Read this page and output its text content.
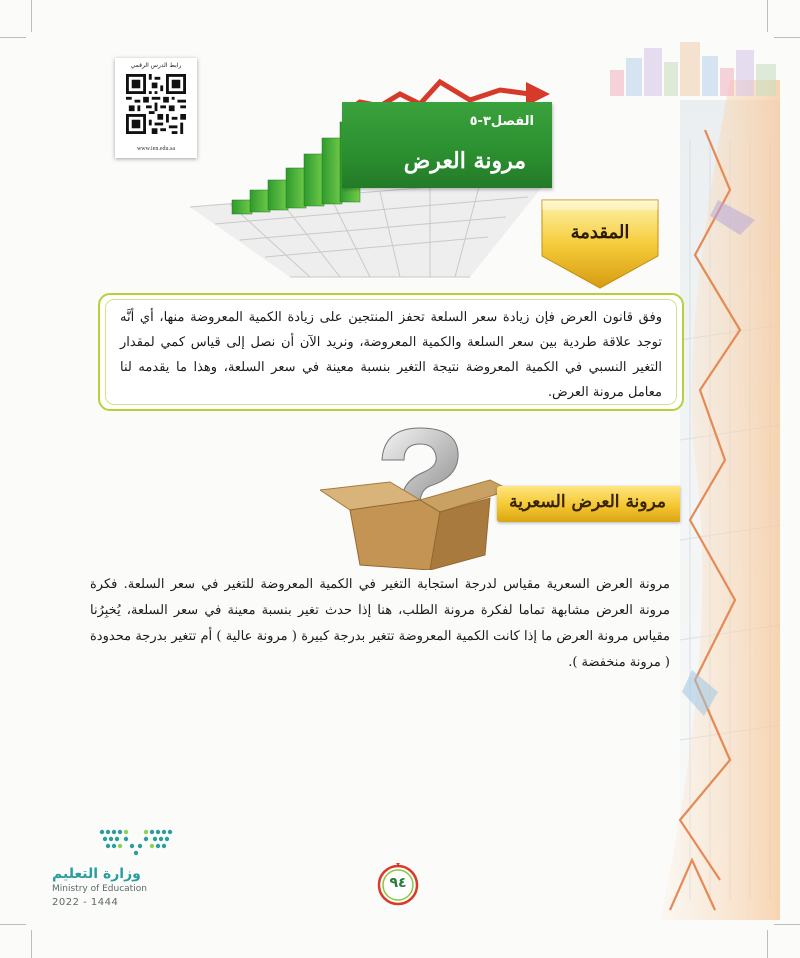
رابط الدرس الرقمي
www.ien.edu.sa
الفصل٣-٥
مرونة العرض
المقدمة
وفق قانون العرض فإن زيادة سعر السلعة تحفز المنتجين على زيادة الكمية المعروضة منها، أي أنَّه توجد علاقة طردية بين سعر السلعة والكمية المعروضة، ونريد الآن أن نصل إلى قياس كمي لمقدار التغير النسبي في الكمية المعروضة نتيجة التغير بنسبة معينة في سعر السلعة، وهذا ما يقدمه لنا معامل مرونة العرض.
مرونة العرض السعرية
مرونة العرض السعرية مقياس لدرجة استجابة التغير في الكمية المعروضة للتغير في سعر السلعة. فكرة مرونة العرض مشابهة تماما لفكرة مرونة الطلب، هنا إذا حدث تغير بنسبة معينة في سعر السلعة، يُخبِرُنا مقياس مرونة العرض ما إذا كانت الكمية المعروضة تتغير بدرجة كبيرة ( مرونة عالية ) أم تتغير بدرجة محدودة ( مرونة منخفضة ).
وزارة التعليم
Ministry of Education
2022 - 1444
٩٤
